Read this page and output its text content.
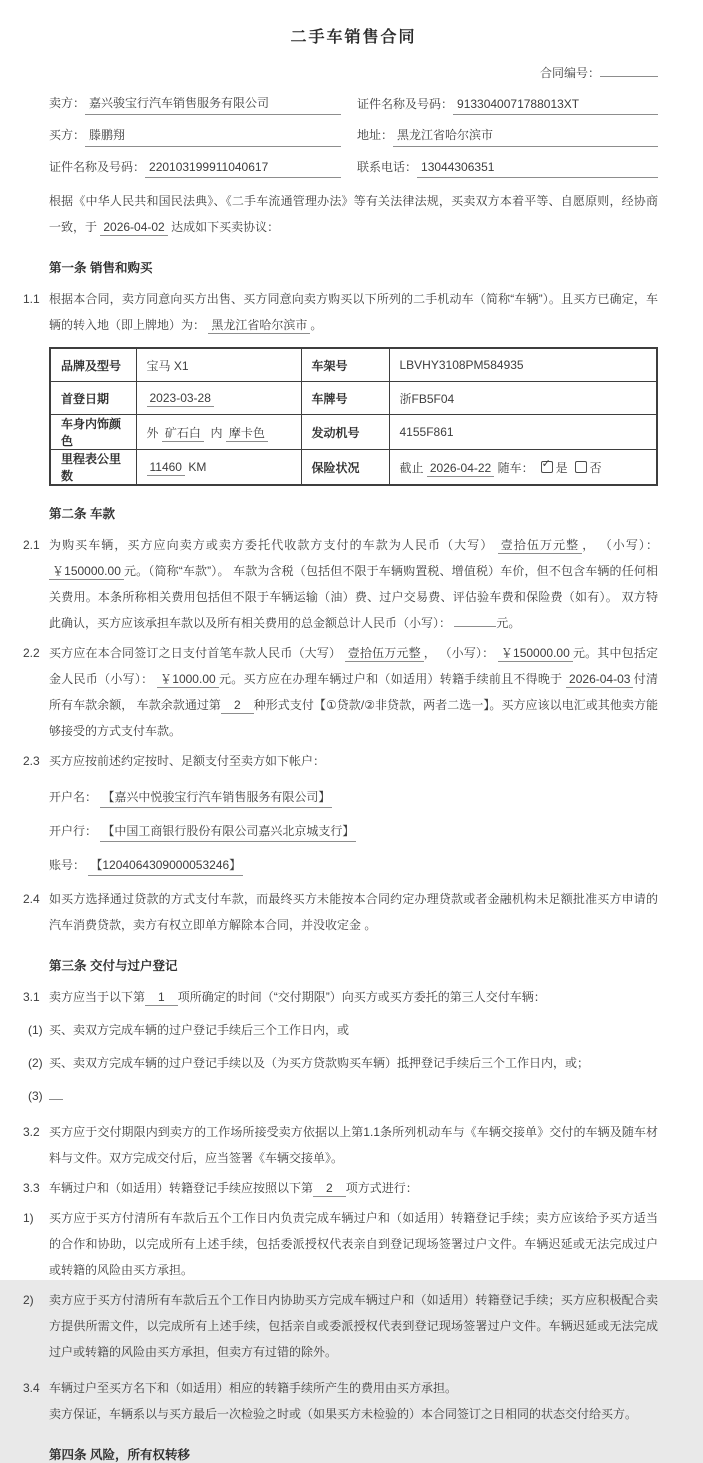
二手车销售合同
合同编号：
卖方： 嘉兴骏宝行汽车销售服务有限公司	证件名称及号码： 9133040071788013XT
买方： 滕鹏翔	地址： 黑龙江省哈尔滨市
证件名称及号码： 220103199911040617	联系电话： 13044306351

根据《中华人民共和国民法典》、《二手车流通管理办法》等有关法律法规，买卖双方本着平等、自愿原则，经协商一致，于 2026-04-02 达成如下买卖协议：

第一条 销售和购买
1.1 根据本合同，卖方同意向买方出售、买方同意向卖方购买以下所列的二手机动车（简称“车辆”）。且买方已确定，车辆的转入地（即上牌地）为： 黑龙江省哈尔滨市 。
品牌及型号	宝马 X1	车架号	LBVHY3108PM584935
首登日期	2023-03-28	车牌号	浙FB5F04
车身内饰颜色	外 矿石白 内 摩卡色	发动机号	4155F861
里程表公里数	11460 KM	保险状况	截止 2026-04-22 随车： ✓ 是 否
第二条 车款
2.1 为购买车辆，买方应向卖方或卖方委托代收款方支付的车款为人民币（大写） 壹拾伍万元整 ， （小写）： ￥150000.00 元。（简称“车款”）。 车款为含税（包括但不限于车辆购置税、增值税）车价，但不包含车辆的任何相关费用。本条所称相关费用包括但不限于车辆运输（油）费、过户交易费、评估验车费和保险费（如有）。 双方特此确认，买方应该承担车款以及所有相关费用的总金额总计人民币（小写）：	元。
2.2 买方应在本合同签订之日支付首笔车款人民币（大写） 壹拾伍万元整 ， （小写）： ￥150000.00 元。其中包括定金人民币（小写）： ￥1000.00 元。买方应在办理车辆过户和（如适用）转籍手续前且不得晚于 2026-04-03 付清所有车款余额， 车款余款通过第 2 种形式支付【①贷款/②非贷款，两者二选一】。买方应该以电汇或其他卖方能够接受的方式支付车款。
2.3 买方应按前述约定按时、足额支付至卖方如下帐户：
开户名： 【嘉兴中悦骏宝行汽车销售服务有限公司】
开户行： 【中国工商银行股份有限公司嘉兴北京城支行】
账号： 【1204064309000053246】
2.4 如买方选择通过贷款的方式支付车款，而最终买方未能按本合同约定办理贷款或者金融机构未足额批准买方申请的汽车消费贷款，卖方有权立即单方解除本合同，并没收定金 。
第三条 交付与过户登记
3.1 卖方应当于以下第 1 项所确定的时间（“交付期限”）向买方或买方委托的第三人交付车辆：
(1) 买、卖双方完成车辆的过户登记手续后三个工作日内，或
(2) 买、卖双方完成车辆的过户登记手续以及（为买方贷款购买车辆）抵押登记手续后三个工作日内，或；
(3)
3.2 买方应于交付期限内到卖方的工作场所接受卖方依据以上第1.1条所列机动车与《车辆交接单》交付的车辆及随车材料与文件。双方完成交付后，应当签署《车辆交接单》。
3.3 车辆过户和（如适用）转籍登记手续应按照以下第 2 项方式进行：
1)	买方应于买方付清所有车款后五个工作日内负责完成车辆过户和（如适用）转籍登记手续；卖方应该给予买方适当的合作和协助，以完成所有上述手续，包括委派授权代表亲自到登记现场签署过户文件。车辆迟延或无法完成过户或转籍的风险由买方承担。
2)	卖方应于买方付清所有车款后五个工作日内协助买方完成车辆过户和（如适用）转籍登记手续；买方应积极配合卖方提供所需文件，以完成所有上述手续，包括亲自或委派授权代表到登记现场签署过户文件。车辆迟延或无法完成过户或转籍的风险由买方承担，但卖方有过错的除外。
3.4 车辆过户至买方名下和（如适用）相应的转籍手续所产生的费用由买方承担。
卖方保证，车辆系以与买方最后一次检验之时或（如果买方未检验的）本合同签订之日相同的状态交付给买方。
第四条 风险，所有权转移
